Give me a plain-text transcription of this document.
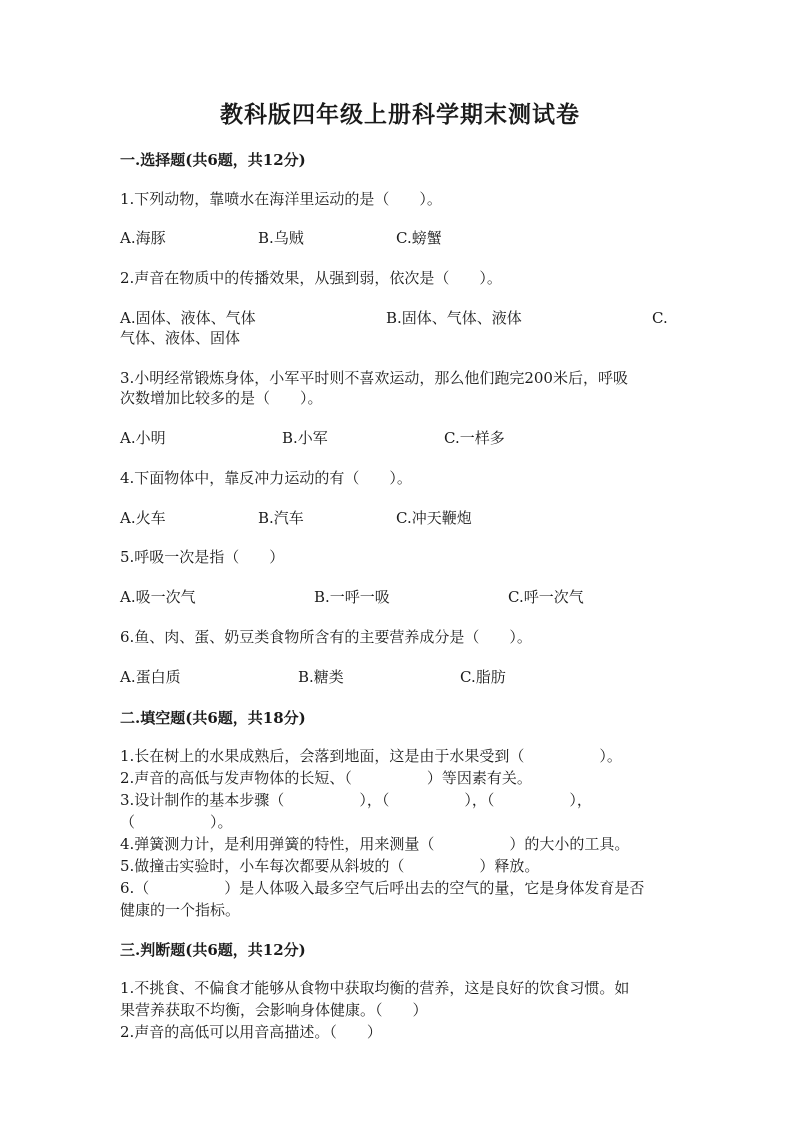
教科版四年级上册科学期末测试卷
一.选择题(共6题，共12分)
1.下列动物，靠喷水在海洋里运动的是（　　）。
A.海豚	B.乌贼	C.螃蟹
2.声音在物质中的传播效果，从强到弱，依次是（　　）。
A.固体、液体、气体	B.固体、气体、液体	C.
气体、液体、固体
3.小明经常锻炼身体，小军平时则不喜欢运动，那么他们跑完200米后，呼吸
次数增加比较多的是（　　）。
A.小明	B.小军	C.一样多
4.下面物体中，靠反冲力运动的有（　　）。
A.火车	B.汽车	C.冲天鞭炮
5.呼吸一次是指（　　）
A.吸一次气	B.一呼一吸	C.呼一次气
6.鱼、肉、蛋、奶豆类食物所含有的主要营养成分是（　　）。
A.蛋白质	B.糖类	C.脂肪
二.填空题(共6题，共18分)
1.长在树上的水果成熟后，会落到地面，这是由于水果受到（　　　　　）。
2.声音的高低与发声物体的长短、（　　　　　）等因素有关。
3.设计制作的基本步骤（　　　　　），（　　　　　），（　　　　　），
（　　　　　）。
4.弹簧测力计，是利用弹簧的特性，用来测量（　　　　　）的大小的工具。
5.做撞击实验时，小车每次都要从斜坡的（　　　　　）释放。
6.（　　　　　）是人体吸入最多空气后呼出去的空气的量，它是身体发育是否
健康的一个指标。
三.判断题(共6题，共12分)
1.不挑食、不偏食才能够从食物中获取均衡的营养，这是良好的饮食习惯。如
果营养获取不均衡，会影响身体健康。（　　）
2.声音的高低可以用音高描述。（　　）
